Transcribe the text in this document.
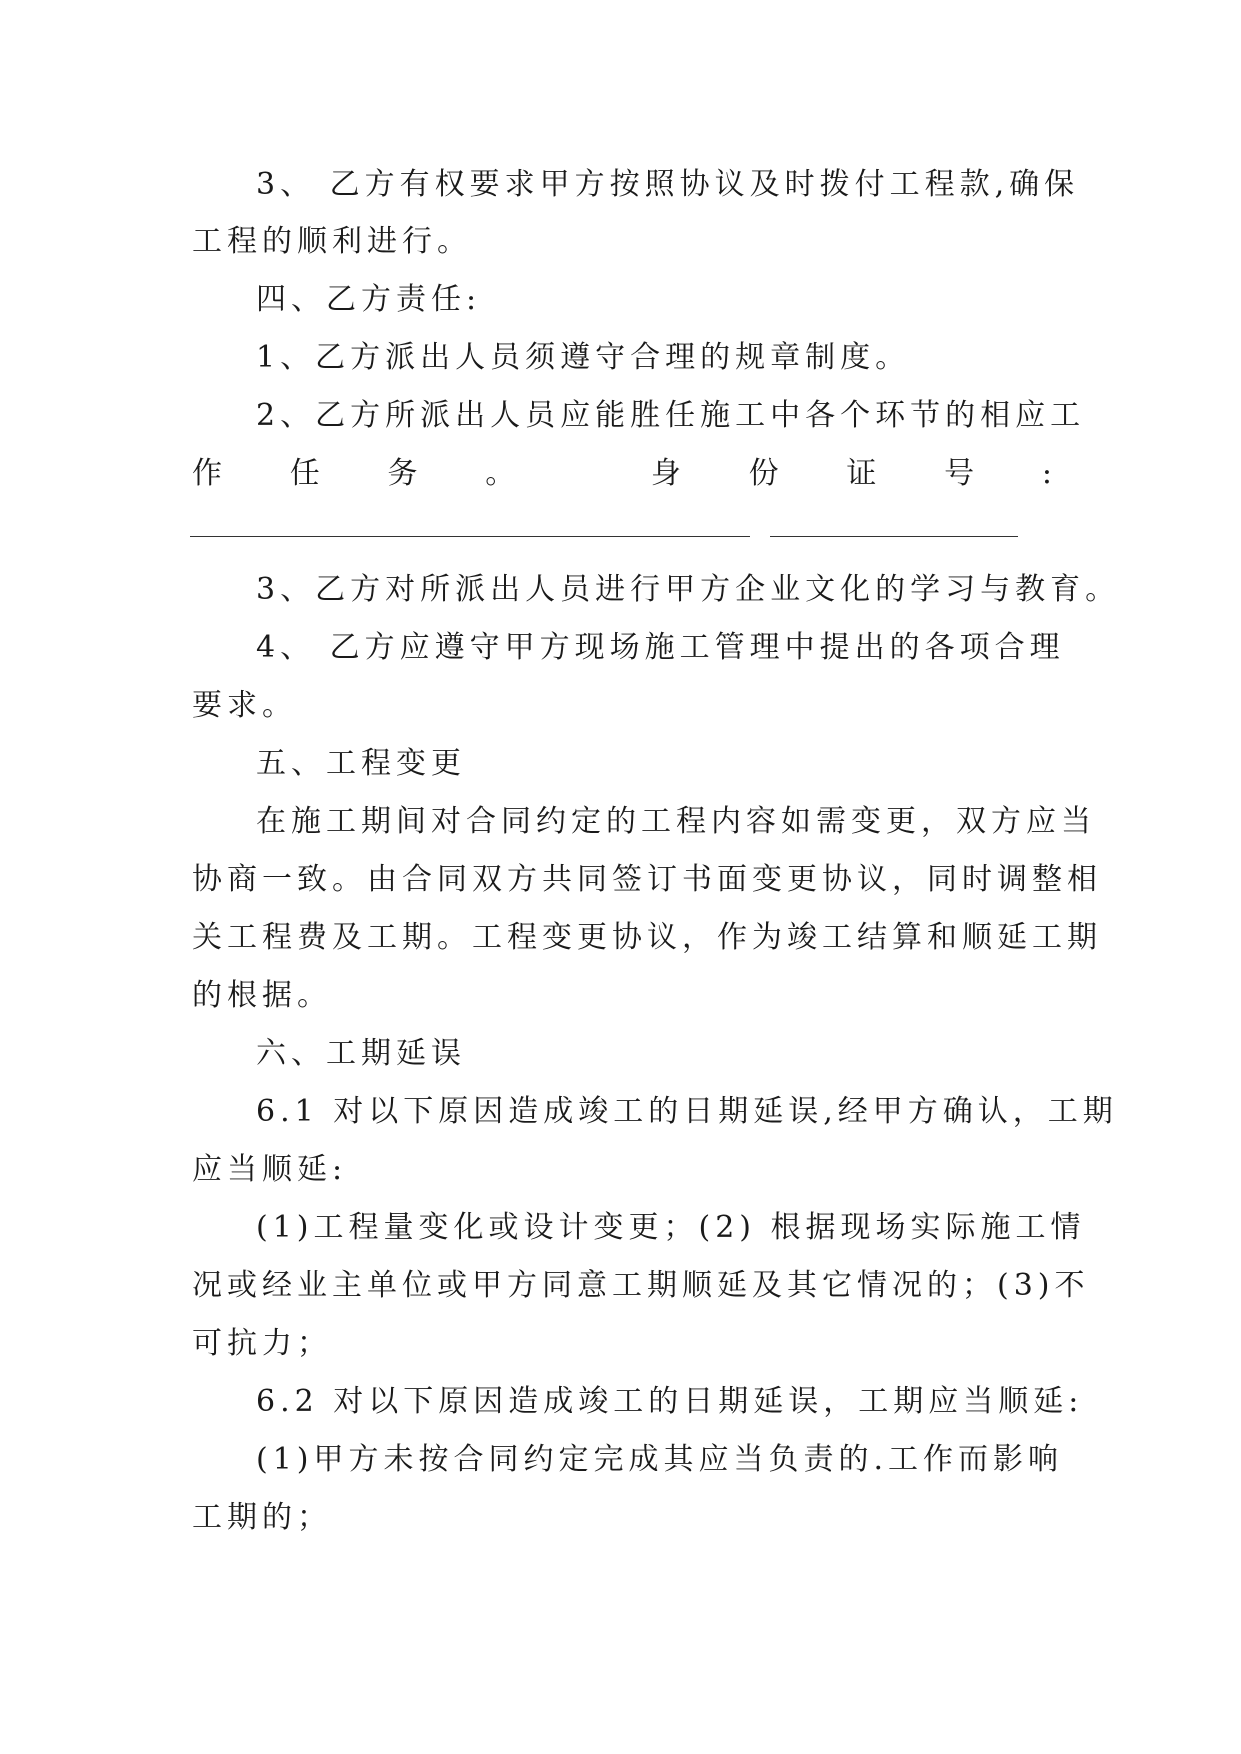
3、 乙方有权要求甲方按照协议及时拨付工程款,确保
工程的顺利进行。
四、乙方责任:
1、乙方派出人员须遵守合理的规章制度。
2、乙方所派出人员应能胜任施工中各个环节的相应工
作 任 务 。	身 份 证 号 :
3、乙方对所派出人员进行甲方企业文化的学习与教育。
4、 乙方应遵守甲方现场施工管理中提出的各项合理
要求。
五、工程变更
在施工期间对合同约定的工程内容如需变更，双方应当
协商一致。由合同双方共同签订书面变更协议，同时调整相
关工程费及工期。工程变更协议，作为竣工结算和顺延工期
的根据。
六、工期延误
6.1 对以下原因造成竣工的日期延误,经甲方确认，工期
应当顺延:
(1)工程量变化或设计变更；(2) 根据现场实际施工情
况或经业主单位或甲方同意工期顺延及其它情况的；(3)不
可抗力；
6.2 对以下原因造成竣工的日期延误，工期应当顺延:
(1)甲方未按合同约定完成其应当负责的.工作而影响
工期的；
